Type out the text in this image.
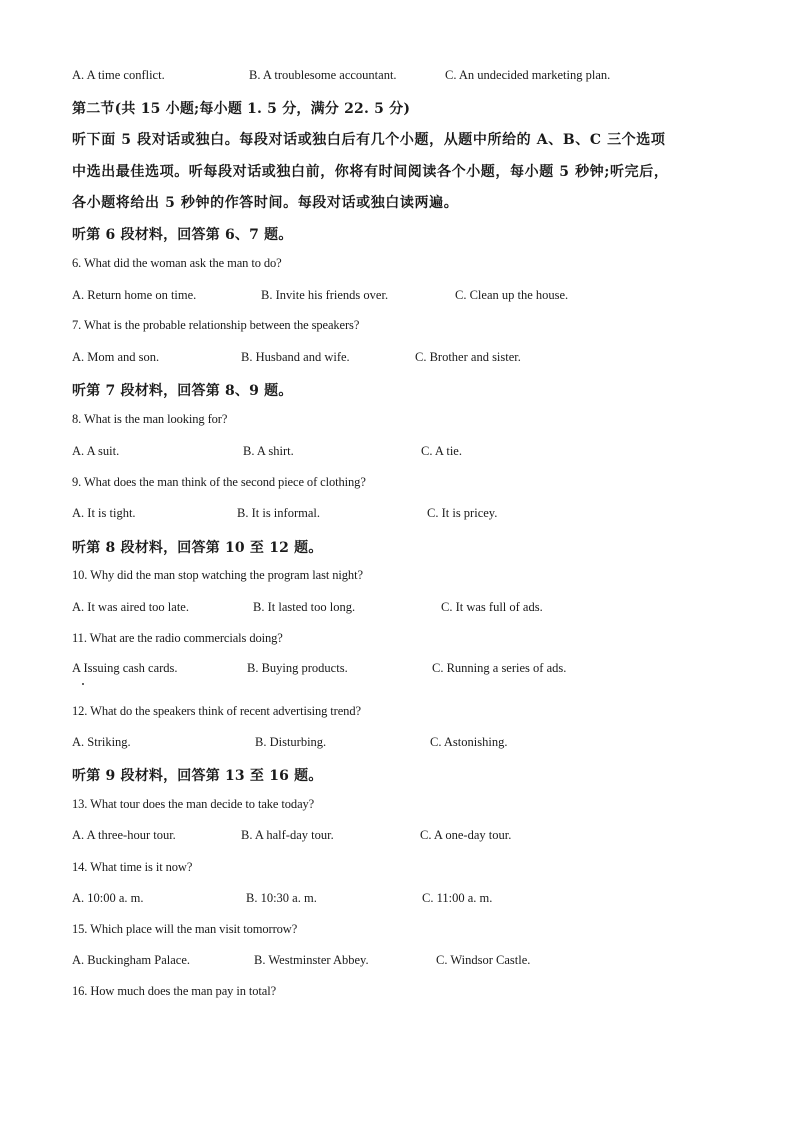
A. A time conflict.	B. A troublesome accountant.	C. An undecided marketing plan.
第二节(共 15 小题;每小题 1. 5 分，满分 22. 5 分)
听下面 5 段对话或独白。每段对话或独白后有几个小题，从题中所给的 A、B、C 三个选项
中选出最佳选项。听每段对话或独白前，你将有时间阅读各个小题，每小题 5 秒钟;听完后，
各小题将给出 5 秒钟的作答时间。每段对话或独白读两遍。
听第 6 段材料，回答第 6、7 题。
6. What did the woman ask the man to do?
A. Return home on time.	B. Invite his friends over.	C. Clean up the house.
7. What is the probable relationship between the speakers?
A. Mom and son.	B. Husband and wife.	C. Brother and sister.
听第 7 段材料，回答第 8、9 题。
8. What is the man looking for?
A. A suit.	B. A shirt.	C. A tie.
9. What does the man think of the second piece of clothing?
A. It is tight.	B. It is informal.	C. It is pricey.
听第 8 段材料，回答第 10 至 12 题。
10. Why did the man stop watching the program last night?
A. It was aired too late.	B. It lasted too long.	C. It was full of ads.
11. What are the radio commercials doing?
A Issuing cash cards.	B. Buying products.	C. Running a series of ads.
12. What do the speakers think of recent advertising trend?
A. Striking.	B. Disturbing.	C. Astonishing.
听第 9 段材料，回答第 13 至 16 题。
13. What tour does the man decide to take today?
A. A three-hour tour.	B. A half-day tour.	C. A one-day tour.
14. What time is it now?
A. 10:00 a. m.	B. 10:30 a. m.	C. 11:00 a. m.
15. Which place will the man visit tomorrow?
A. Buckingham Palace.	B. Westminster Abbey.	C. Windsor Castle.
16. How much does the man pay in total?
